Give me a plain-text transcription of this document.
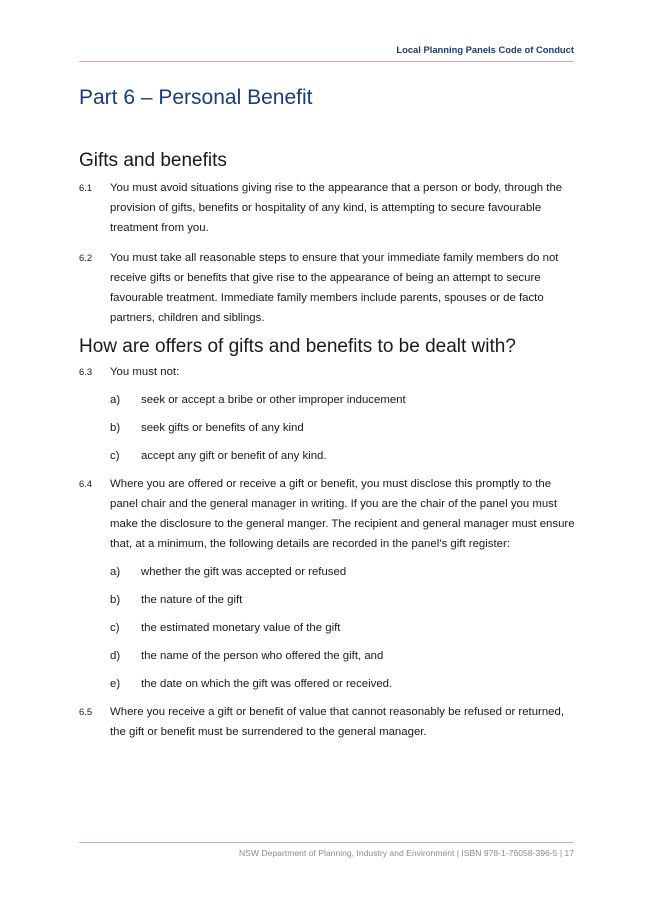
Local Planning Panels Code of Conduct
Part 6 – Personal Benefit
Gifts and benefits
6.1	You must avoid situations giving rise to the appearance that a person or body, through the provision of gifts, benefits or hospitality of any kind, is attempting to secure favourable treatment from you.
6.2	You must take all reasonable steps to ensure that your immediate family members do not receive gifts or benefits that give rise to the appearance of being an attempt to secure favourable treatment. Immediate family members include parents, spouses or de facto partners, children and siblings.
How are offers of gifts and benefits to be dealt with?
6.3	You must not:
a)	seek or accept a bribe or other improper inducement
b)	seek gifts or benefits of any kind
c)	accept any gift or benefit of any kind.
6.4	Where you are offered or receive a gift or benefit, you must disclose this promptly to the panel chair and the general manager in writing. If you are the chair of the panel you must make the disclosure to the general manger. The recipient and general manager must ensure that, at a minimum, the following details are recorded in the panel’s gift register:
a)	whether the gift was accepted or refused
b)	the nature of the gift
c)	the estimated monetary value of the gift
d)	the name of the person who offered the gift, and
e)	the date on which the gift was offered or received.
6.5	Where you receive a gift or benefit of value that cannot reasonably be refused or returned, the gift or benefit must be surrendered to the general manager.
NSW Department of Planning, Industry and Environment | ISBN 978-1-76058-396-5 | 17
